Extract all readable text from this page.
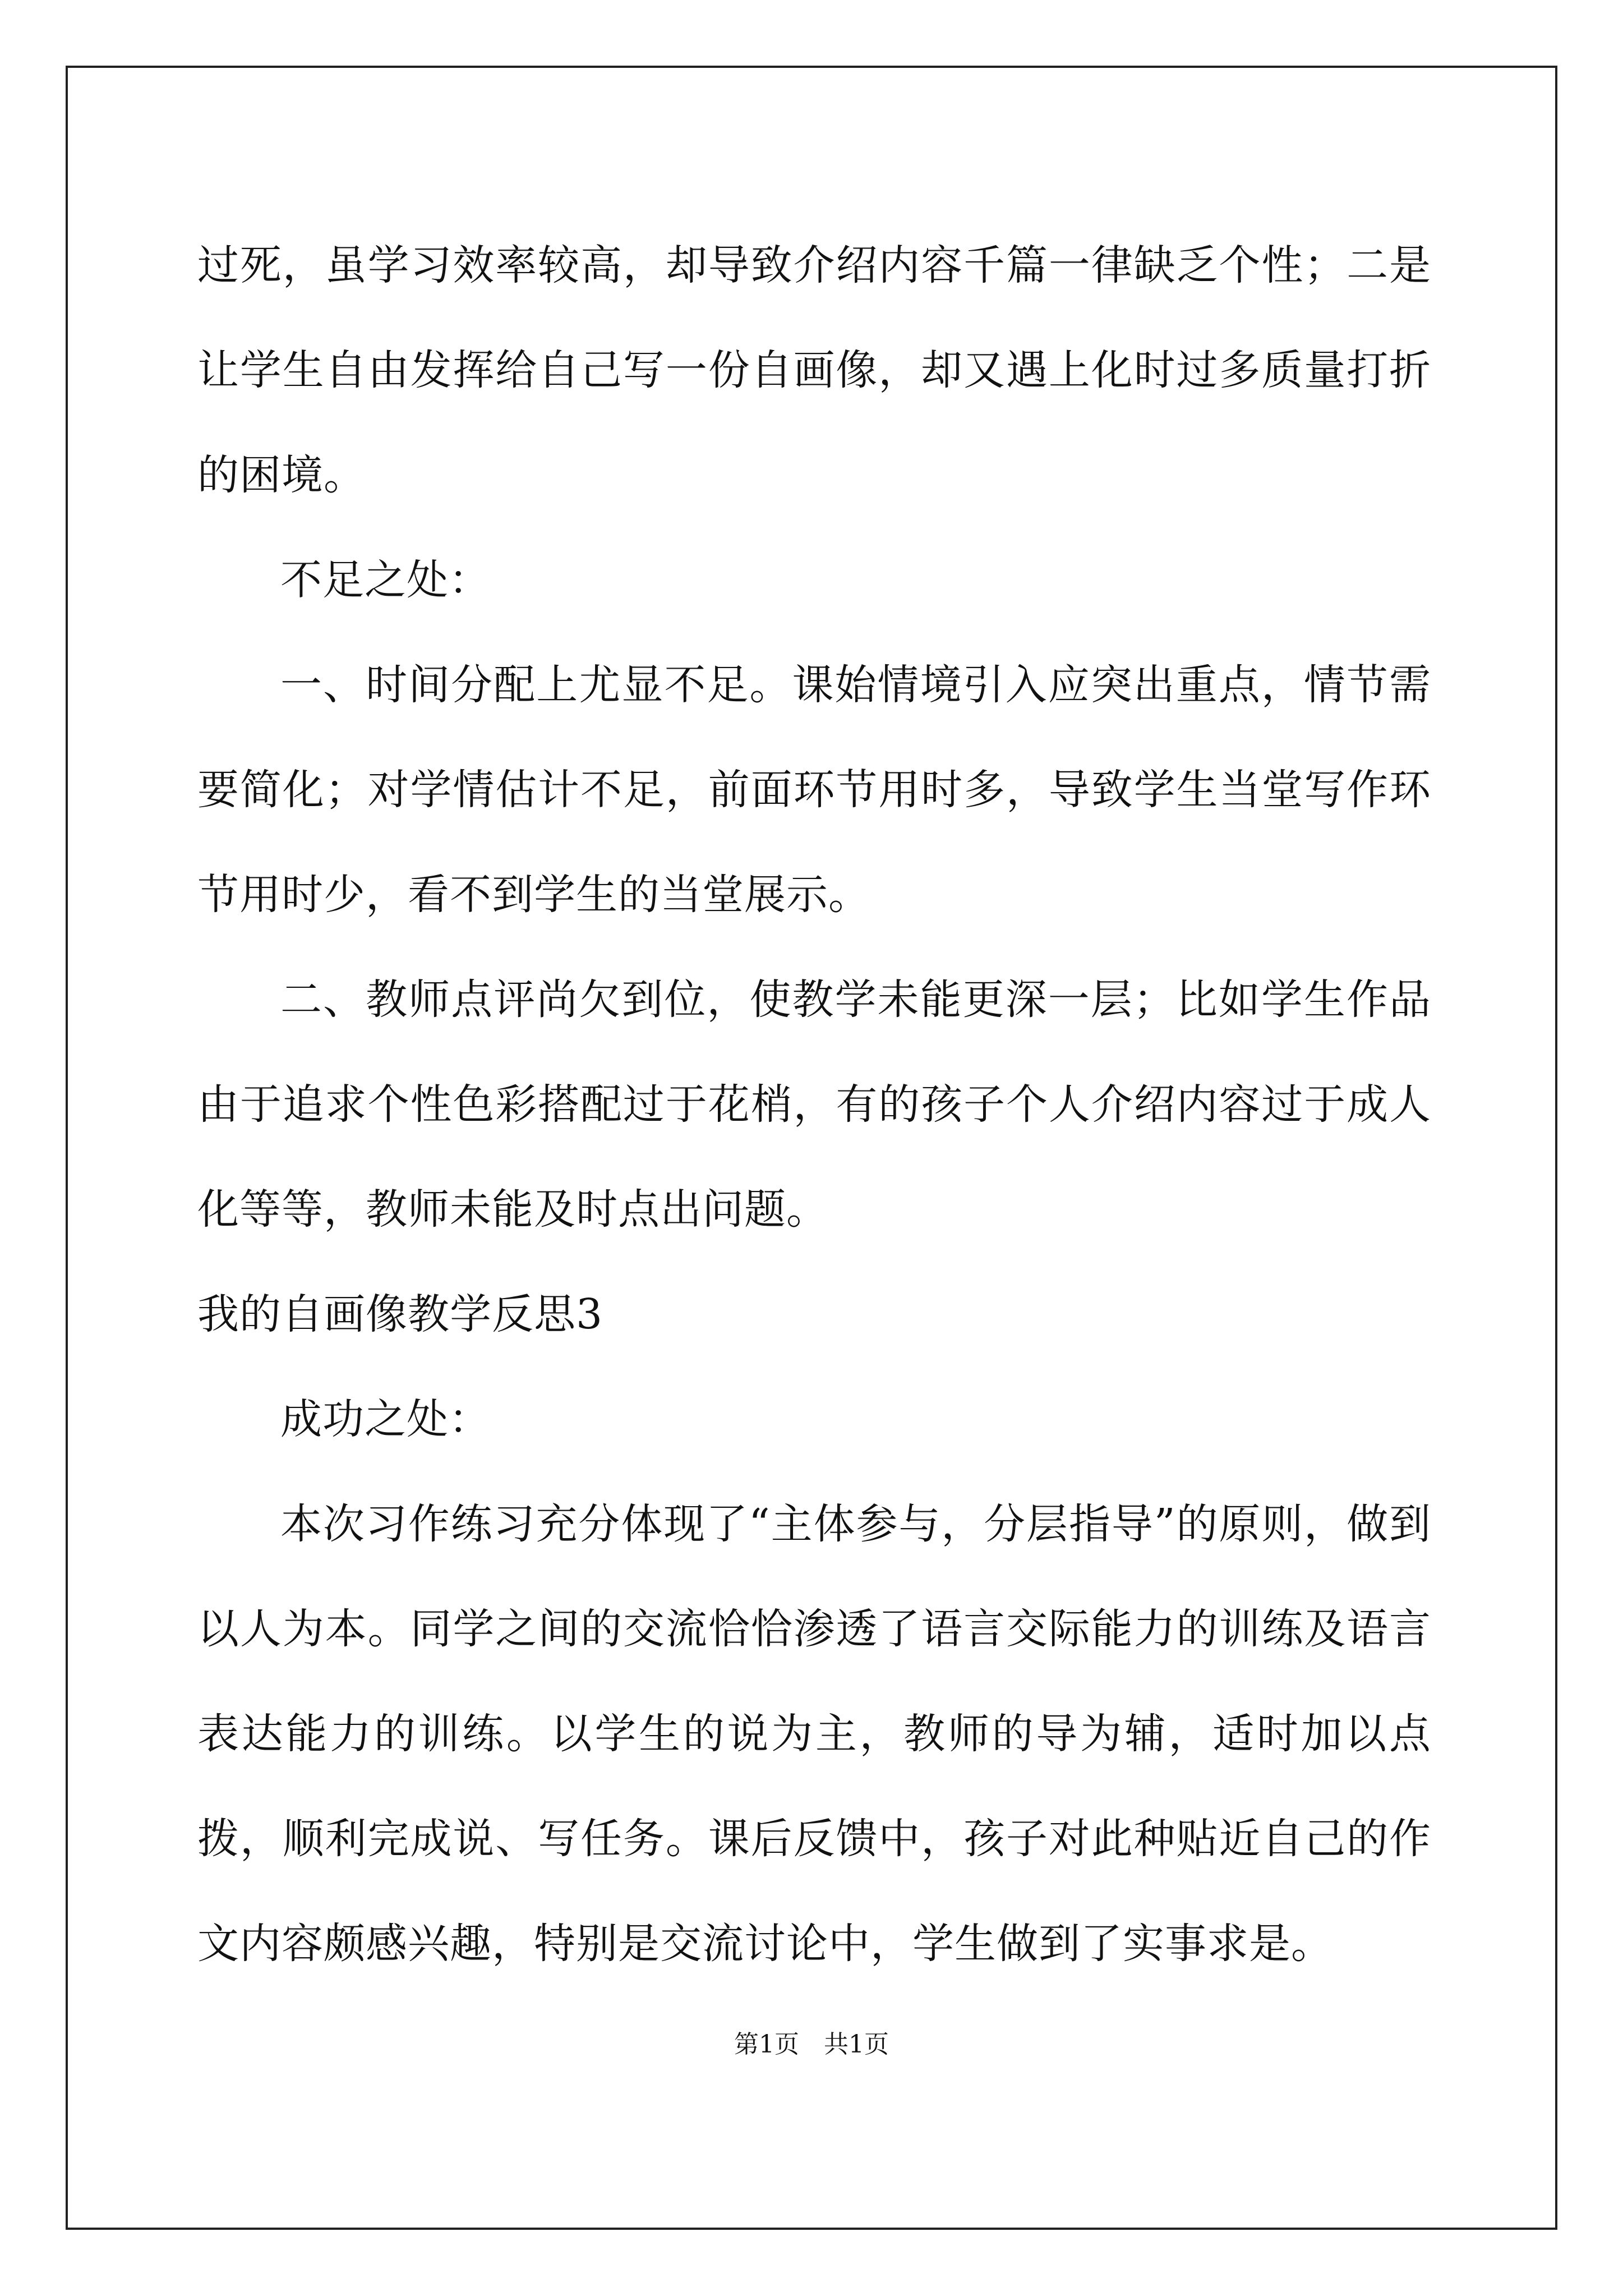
过死，虽学习效率较高，却导致介绍内容千篇一律缺乏个性；二是让学生自由发挥给自己写一份自画像，却又遇上化时过多质量打折的困境。

不足之处：

一、时间分配上尤显不足。课始情境引入应突出重点，情节需要简化；对学情估计不足，前面环节用时多，导致学生当堂写作环节用时少，看不到学生的当堂展示。

二、教师点评尚欠到位，使教学未能更深一层；比如学生作品由于追求个性色彩搭配过于花梢，有的孩子个人介绍内容过于成人化等等，教师未能及时点出问题。

我的自画像教学反思3

成功之处：

本次习作练习充分体现了“主体参与，分层指导”的原则，做到以人为本。同学之间的交流恰恰渗透了语言交际能力的训练及语言表达能力的训练。以学生的说为主，教师的导为辅，适时加以点拨，顺利完成说、写任务。课后反馈中，孩子对此种贴近自己的作文内容颇感兴趣，特别是交流讨论中，学生做到了实事求是。

第1页　共1页
